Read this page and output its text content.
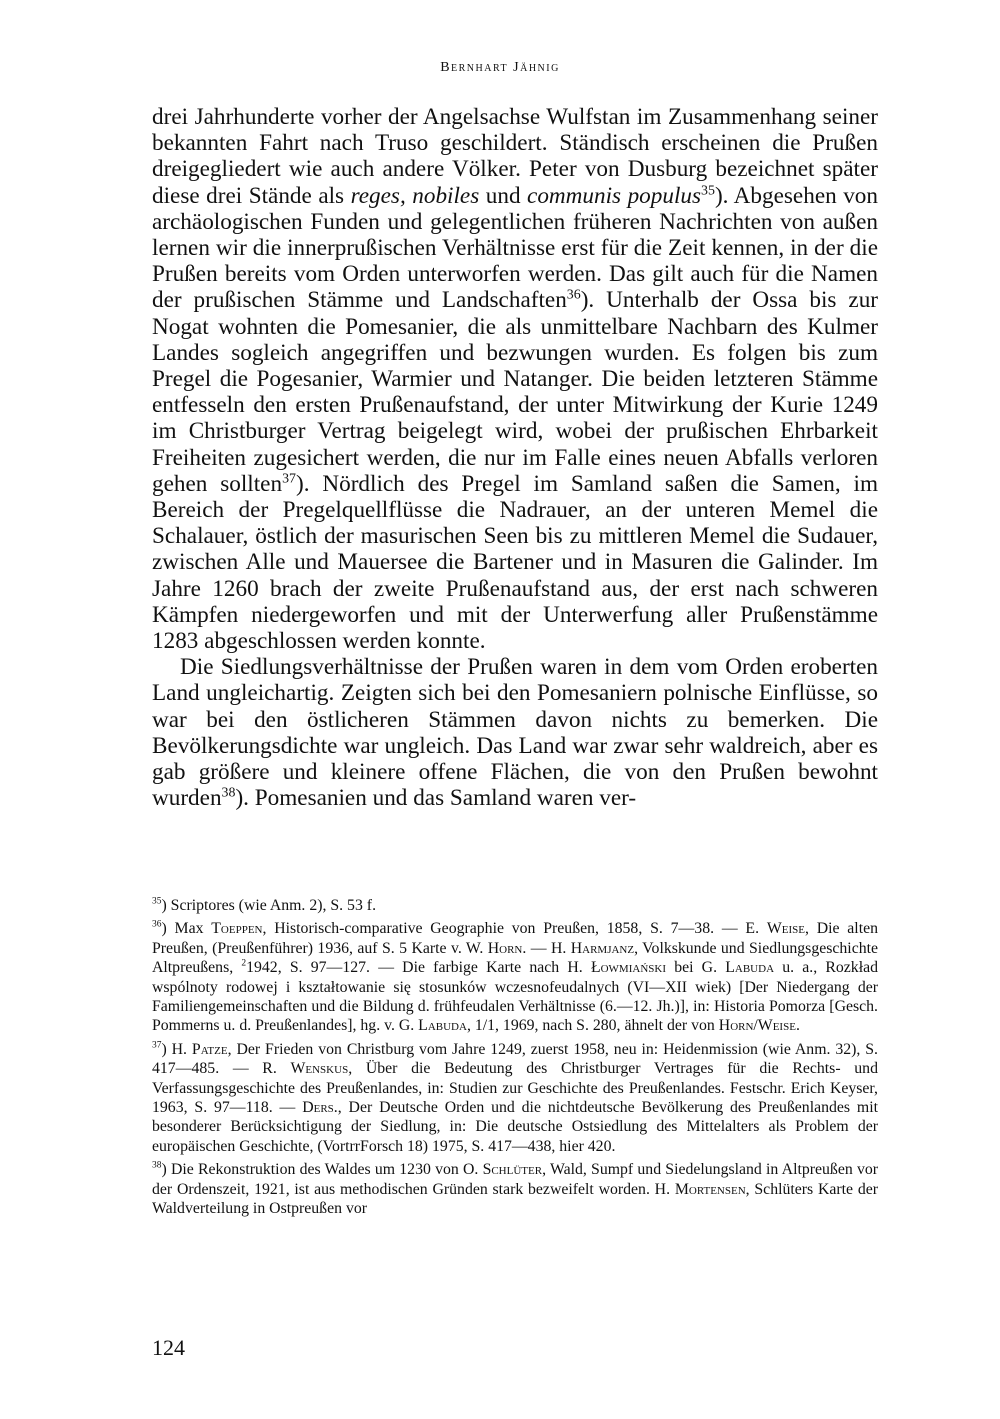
Bernhart Jähnig

drei Jahrhunderte vorher der Angelsachse Wulfstan im Zusammenhang seiner bekannten Fahrt nach Truso geschildert. Ständisch erscheinen die Prußen dreigegliedert wie auch andere Völker. Peter von Dusburg bezeichnet später diese drei Stände als reges, nobiles und communis populus$^{35}$). Abgesehen von archäologischen Funden und gelegentlichen früheren Nachrichten von außen lernen wir die innerprußischen Verhältnisse erst für die Zeit kennen, in der die Prußen bereits vom Orden unterworfen werden. Das gilt auch für die Namen der prußischen Stämme und Landschaften$^{36}$). Unterhalb der Ossa bis zur Nogat wohnten die Pomesanier, die als unmittelbare Nachbarn des Kulmer Landes sogleich angegriffen und bezwungen wurden. Es folgen bis zum Pregel die Pogesanier, Warmier und Natanger. Die beiden letzteren Stämme entfesseln den ersten Prußenaufstand, der unter Mitwirkung der Kurie 1249 im Christburger Vertrag beigelegt wird, wobei der prußischen Ehrbarkeit Freiheiten zugesichert werden, die nur im Falle eines neuen Abfalls verloren gehen sollten$^{37}$). Nördlich des Pregel im Samland saßen die Samen, im Bereich der Pregelquellflüsse die Nadrauer, an der unteren Memel die Schalauer, östlich der masurischen Seen bis zu mittleren Memel die Sudauer, zwischen Alle und Mauersee die Bartener und in Masuren die Galinder. Im Jahre 1260 brach der zweite Prußenaufstand aus, der erst nach schweren Kämpfen niedergeworfen und mit der Unterwerfung aller Prußenstämme 1283 abgeschlossen werden konnte.

Die Siedlungsverhältnisse der Prußen waren in dem vom Orden eroberten Land ungleichartig. Zeigten sich bei den Pomesaniern polnische Einflüsse, so war bei den östlicheren Stämmen davon nichts zu bemerken. Die Bevölkerungsdichte war ungleich. Das Land war zwar sehr waldreich, aber es gab größere und kleinere offene Flächen, die von den Prußen bewohnt wurden$^{38}$). Pomesanien und das Samland waren ver-

$^{35}$) Scriptores (wie Anm. 2), S. 53 f.

$^{36}$) Max Toeppen, Historisch-comparative Geographie von Preußen, 1858, S. 7—38. — E. Weise, Die alten Preußen, (Preußenführer) 1936, auf S. 5 Karte v. W. Horn. — H. Harmjanz, Volkskunde und Siedlungsgeschichte Altpreußens, $^2$1942, S. 97—127. — Die farbige Karte nach H. Łowmiański bei G. Labuda u. a., Rozkład wspólnoty rodowej i kształtowanie się stosunków wczesnofeudalnych (VI—XII wiek) [Der Niedergang der Familiengemeinschaften und die Bildung d. frühfeudalen Verhältnisse (6.—12. Jh.)], in: Historia Pomorza [Gesch. Pommerns u. d. Preußenlandes], hg. v. G. Labuda, 1/1, 1969, nach S. 280, ähnelt der von Horn/Weise.

$^{37}$) H. Patze, Der Frieden von Christburg vom Jahre 1249, zuerst 1958, neu in: Heidenmission (wie Anm. 32), S. 417—485. — R. Wenskus, Über die Bedeutung des Christburger Vertrages für die Rechts- und Verfassungsgeschichte des Preußenlandes, in: Studien zur Geschichte des Preußenlandes. Festschr. Erich Keyser, 1963, S. 97—118. — Ders., Der Deutsche Orden und die nichtdeutsche Bevölkerung des Preußenlandes mit besonderer Berücksichtigung der Siedlung, in: Die deutsche Ostsiedlung des Mittelalters als Problem der europäischen Geschichte, (VortrrForsch 18) 1975, S. 417—438, hier 420.

$^{38}$) Die Rekonstruktion des Waldes um 1230 von O. Schlüter, Wald, Sumpf und Siedelungsland in Altpreußen vor der Ordenszeit, 1921, ist aus methodischen Gründen stark bezweifelt worden. H. Mortensen, Schlüters Karte der Waldverteilung in Ostpreußen vor

124
